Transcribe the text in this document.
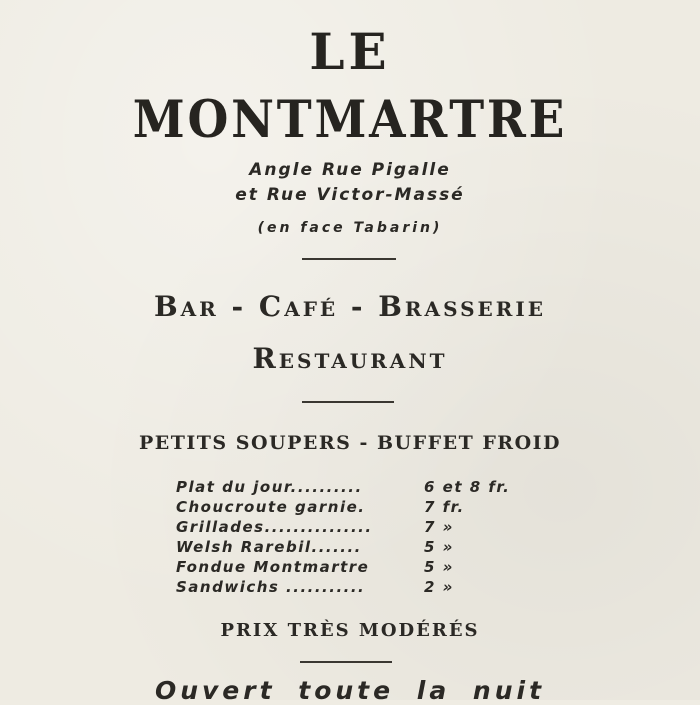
LE
MONTMARTRE
Angle Rue Pigalle
et Rue Victor-Massé
(en face Tabarin)
Bar - Café - Brasserie
Restaurant
PETITS SOUPERS - BUFFET FROID
Plat du jour..........	6 et 8 fr.
Choucroute garnie.	7 fr.
Grillades...............	7 »
Welsh Rarebil.......	5 »
Fondue Montmartre	5 »
Sandwichs ...........	2 »
PRIX TRÈS MODÉRÉS
Ouvert toute la nuit
